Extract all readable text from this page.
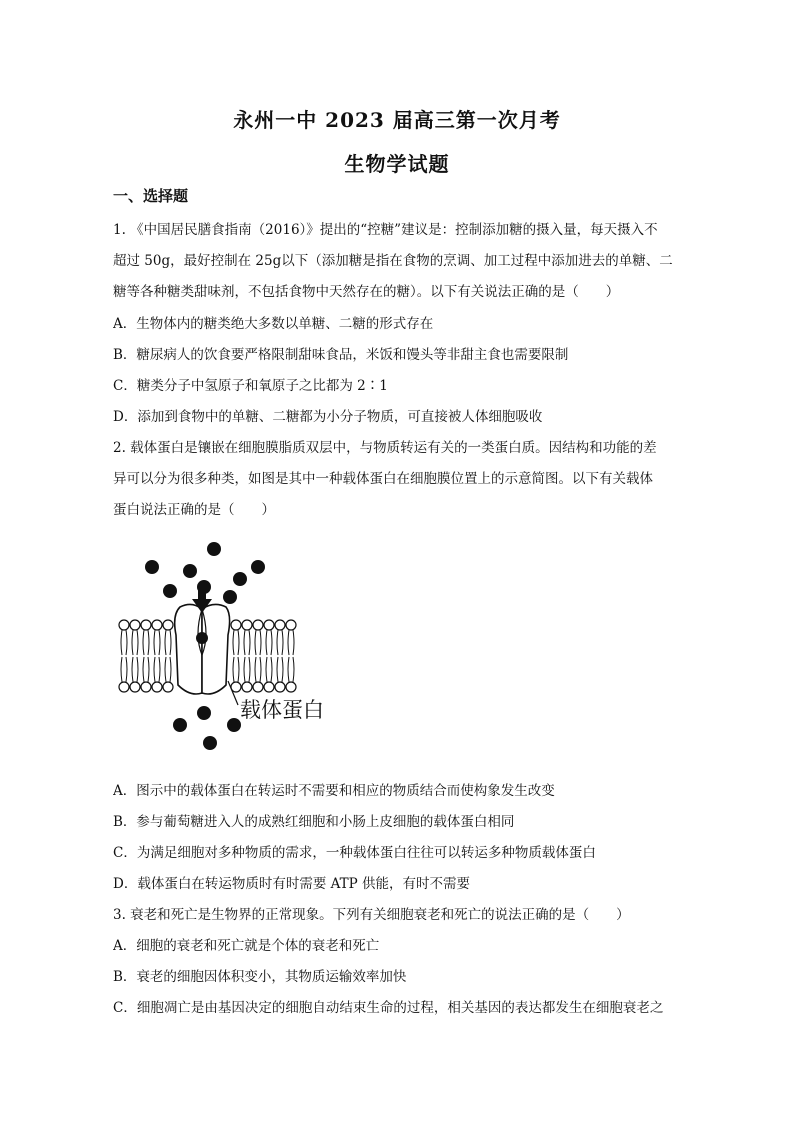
永州一中 2023 届高三第一次月考
生物学试题
一、选择题
1. 《中国居民膳食指南（2016）》提出的“控糖”建议是：控制添加糖的摄入量，每天摄入不
超过 50g，最好控制在 25g以下（添加糖是指在食物的烹调、加工过程中添加进去的单糖、二
糖等各种糖类甜味剂，不包括食物中天然存在的糖）。以下有关说法正确的是（　　）
A．生物体内的糖类绝大多数以单糖、二糖的形式存在
B．糖尿病人的饮食要严格限制甜味食品，米饭和馒头等非甜主食也需要限制
C．糖类分子中氢原子和氧原子之比都为 2∶1
D．添加到食物中的单糖、二糖都为小分子物质，可直接被人体细胞吸收
2. 载体蛋白是镶嵌在细胞膜脂质双层中，与物质转运有关的一类蛋白质。因结构和功能的差
异可以分为很多种类，如图是其中一种载体蛋白在细胞膜位置上的示意简图。以下有关载体
蛋白说法正确的是（　　）
载体蛋白
A．图示中的载体蛋白在转运时不需要和相应的物质结合而使构象发生改变
B．参与葡萄糖进入人的成熟红细胞和小肠上皮细胞的载体蛋白相同
C．为满足细胞对多种物质的需求，一种载体蛋白往往可以转运多种物质载体蛋白
D．载体蛋白在转运物质时有时需要 ATP 供能，有时不需要
3. 衰老和死亡是生物界的正常现象。下列有关细胞衰老和死亡的说法正确的是（　　）
A．细胞的衰老和死亡就是个体的衰老和死亡
B．衰老的细胞因体积变小，其物质运输效率加快
C．细胞凋亡是由基因决定的细胞自动结束生命的过程，相关基因的表达都发生在细胞衰老之
